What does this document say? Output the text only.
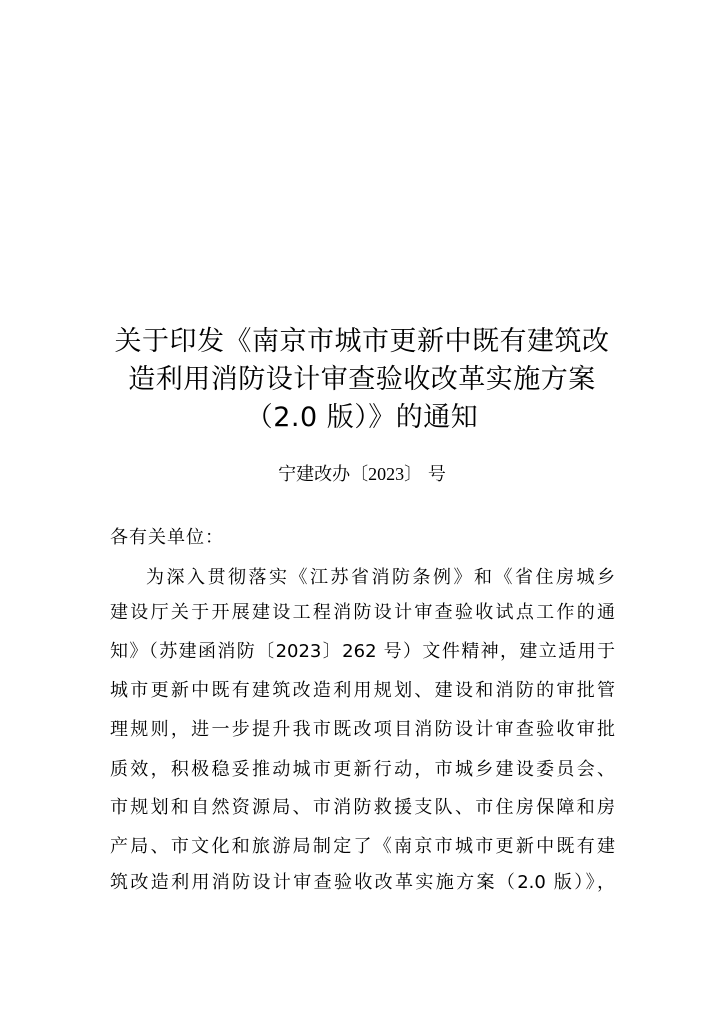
关于印发《南京市城市更新中既有建筑改
造利用消防设计审查验收改革实施方案
（2.0 版）》的通知
宁建改办〔2023〕 号
各有关单位：
为深入贯彻落实《江苏省消防条例》和《省住房城乡
建设厅关于开展建设工程消防设计审查验收试点工作的通
知》（苏建函消防〔2023〕262 号）文件精神，建立适用于
城市更新中既有建筑改造利用规划、建设和消防的审批管
理规则，进一步提升我市既改项目消防设计审查验收审批
质效，积极稳妥推动城市更新行动，市城乡建设委员会、
市规划和自然资源局、市消防救援支队、市住房保障和房
产局、市文化和旅游局制定了《南京市城市更新中既有建
筑改造利用消防设计审查验收改革实施方案（2.0 版）》，
